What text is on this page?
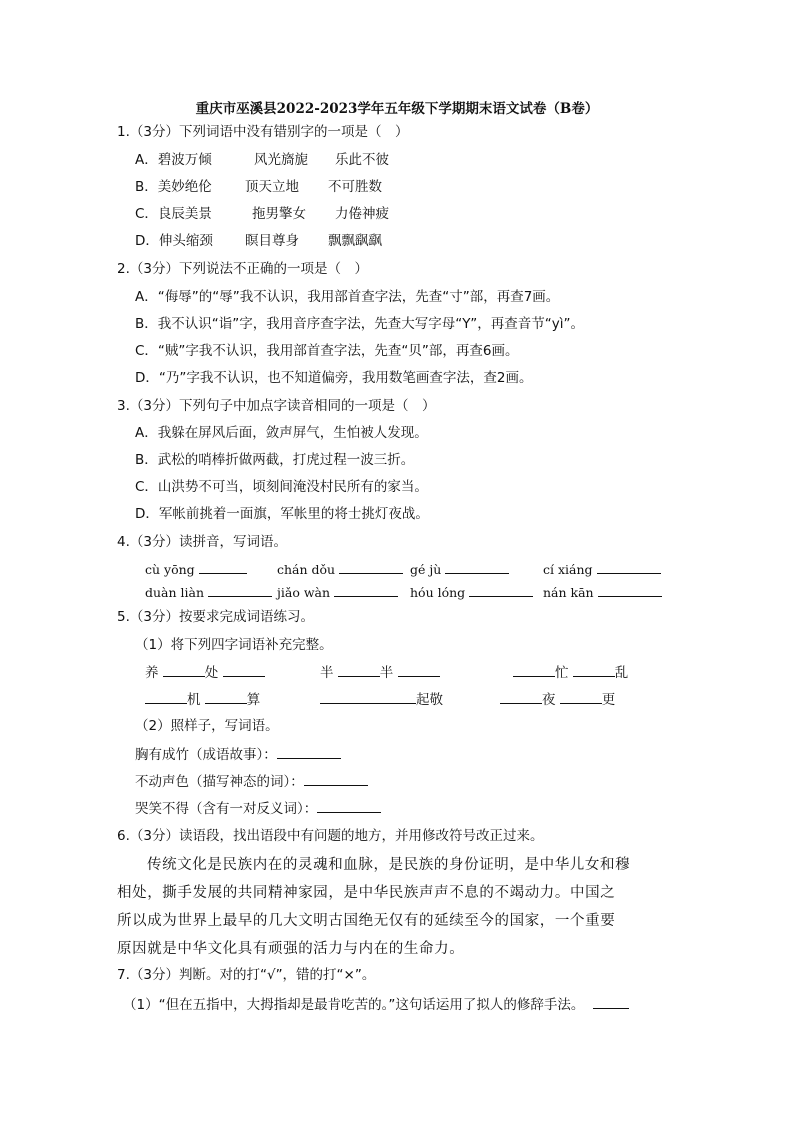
重庆市巫溪县2022-2023学年五年级下学期期末语文试卷（B卷）
1.（3分）下列词语中没有错别字的一项是（　）
A．碧波万倾	风光旖旎 乐此不彼
B．美妙绝伦 顶天立地 不可胜数
C．良辰美景	拖男擎女 力倦神疲
D．伸头缩颈 瞑目尊身 飘飘飖飖
2.（3分）下列说法不正确的一项是（　）
A．“侮辱”的“辱”我不认识，我用部首查字法，先查“寸”部，再查7画。
B．我不认识“诣”字，我用音序查字法，先查大写字母“Y”，再查音节“yì”。
C．“贼”字我不认识，我用部首查字法，先查“贝”部，再查6画。
D．“乃”字我不认识，也不知道偏旁，我用数笔画查字法，查2画。
3.（3分）下列句子中加点字读音相同的一项是（　）
A．我躲在屏风后面，敛声屏气，生怕被人发现。
B．武松的哨棒折做两截，打虎过程一波三折。
C．山洪势不可当，顷刻间淹没村民所有的家当。
D．军帐前挑着一面旗，军帐里的将士挑灯夜战。
4.（3分）读拼音，写词语。
cù yōng	chán dǒu	gé jù	cí xiáng
duàn liàn	jiǎo wàn	hóu lóng	nán kān
5.（3分）按要求完成词语练习。
（1）将下列四字词语补充完整。
养	处	半	半	忙	乱
机	算	起敬	夜	更
（2）照样子，写词语。
胸有成竹（成语故事）：
不动声色（描写神态的词）：
哭笑不得（含有一对反义词）：
6.（3分）读语段，找出语段中有问题的地方，并用修改符号改正过来。
传统文化是民族内在的灵魂和血脉，是民族的身份证明，是中华儿女和穆
相处，撕手发展的共同精神家园，是中华民族声声不息的不竭动力。中国之
所以成为世界上最早的几大文明古国绝无仅有的延续至今的国家，一个重要
原因就是中华文化具有顽强的活力与内在的生命力。
7.（3分）判断。对的打“√”，错的打“×”。
（1）“但在五指中，大拇指却是最肯吃苦的。”这句话运用了拟人的修辞手法。
